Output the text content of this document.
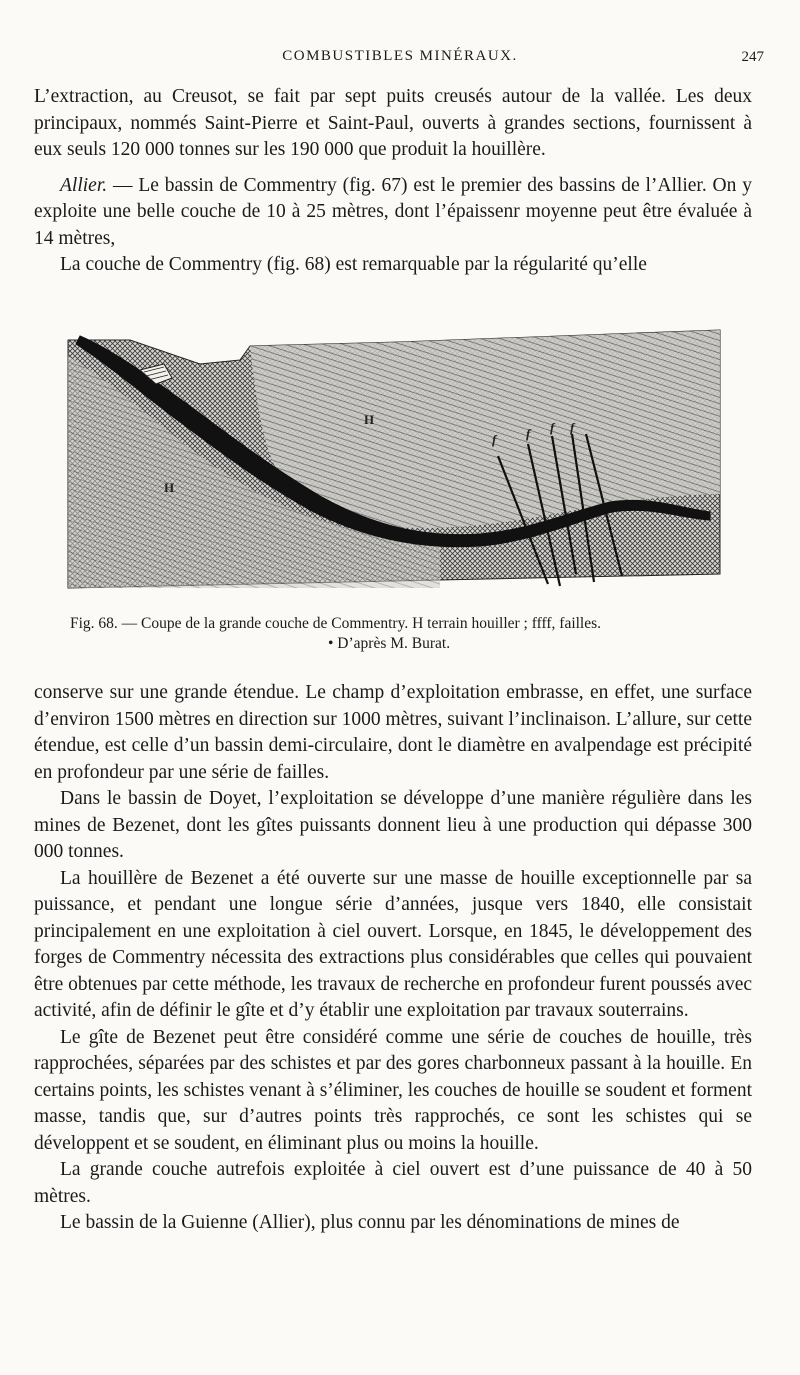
COMBUSTIBLES MINÉRAUX.	247

L’extraction, au Creusot, se fait par sept puits creusés autour de la vallée. Les deux principaux, nommés Saint-Pierre et Saint-Paul, ouverts à grandes sections, fournissent à eux seuls 120 000 tonnes sur les 190 000 que produit la houillère.

Allier. — Le bassin de Commentry (fig. 67) est le premier des bassins de l’Allier. On y exploite une belle couche de 10 à 25 mètres, dont l’épaissenr moyenne peut être évaluée à 14 mètres,

La couche de Commentry (fig. 68) est remarquable par la régularité qu’elle

H
H
f f f f
Fig. 68. — Coupe de la grande couche de Commentry. H terrain houiller ; ffff, failles.
• D’après M. Burat.

conserve sur une grande étendue. Le champ d’exploitation embrasse, en effet, une surface d’environ 1500 mètres en direction sur 1000 mètres, suivant l’inclinaison. L’allure, sur cette étendue, est celle d’un bassin demi-circulaire, dont le diamètre en avalpendage est précipité en profondeur par une série de failles.

Dans le bassin de Doyet, l’exploitation se développe d’une manière régulière dans les mines de Bezenet, dont les gîtes puissants donnent lieu à une production qui dépasse 300 000 tonnes.

La houillère de Bezenet a été ouverte sur une masse de houille exceptionnelle par sa puissance, et pendant une longue série d’années, jusque vers 1840, elle consistait principalement en une exploitation à ciel ouvert. Lorsque, en 1845, le développement des forges de Commentry nécessita des extractions plus considérables que celles qui pouvaient être obtenues par cette méthode, les travaux de recherche en profondeur furent poussés avec activité, afin de définir le gîte et d’y établir une exploitation par travaux souterrains.

Le gîte de Bezenet peut être considéré comme une série de couches de houille, très rapprochées, séparées par des schistes et par des gores charbonneux passant à la houille. En certains points, les schistes venant à s’éliminer, les couches de houille se soudent et forment masse, tandis que, sur d’autres points très rapprochés, ce sont les schistes qui se développent et se soudent, en éliminant plus ou moins la houille.

La grande couche autrefois exploitée à ciel ouvert est d’une puissance de 40 à 50 mètres.

Le bassin de la Guienne (Allier), plus connu par les dénominations de mines de
